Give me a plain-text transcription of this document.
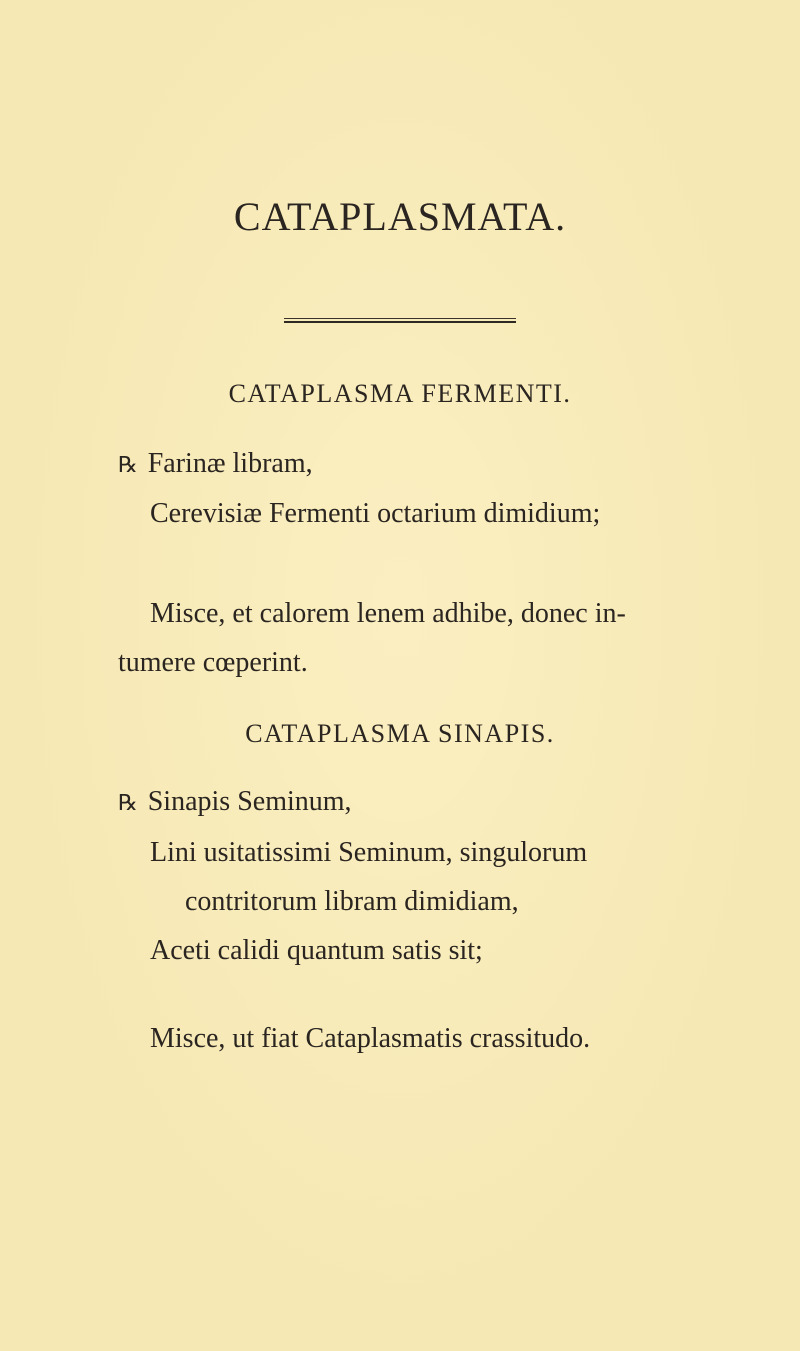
CATAPLASMATA.
CATAPLASMA FERMENTI.
℞ Farinæ libram,
Cerevisiæ Fermenti octarium dimidium;
Misce, et calorem lenem adhibe, donec in-
tumere cœperint.
CATAPLASMA SINAPIS.
℞ Sinapis Seminum,
Lini usitatissimi Seminum, singulorum
contritorum libram dimidiam,
Aceti calidi quantum satis sit;
Misce, ut fiat Cataplasmatis crassitudo.
